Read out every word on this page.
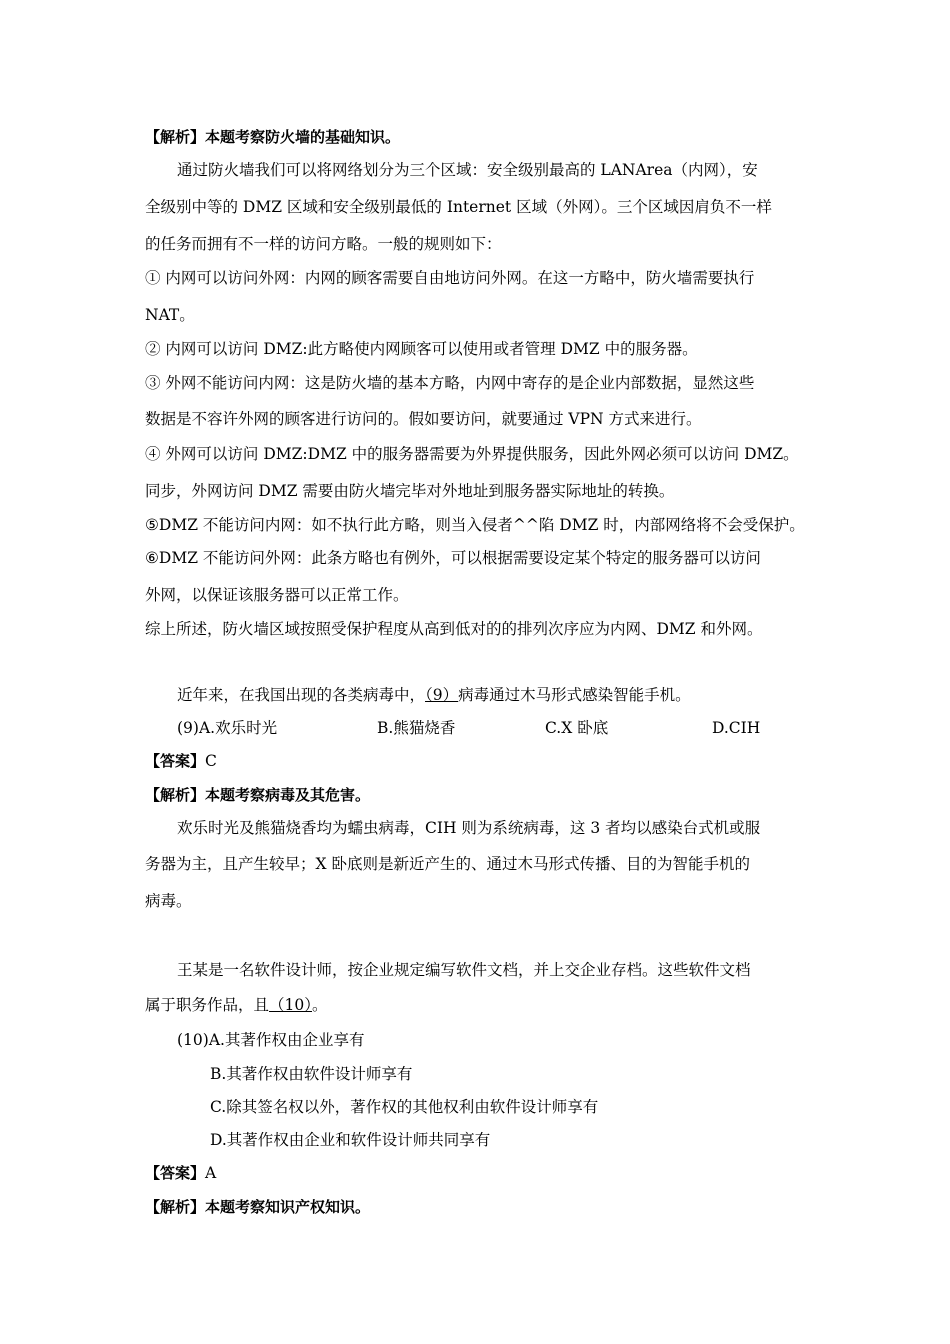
【解析】本题考察防火墙的基础知识。
通过防火墙我们可以将网络划分为三个区域：安全级别最高的 LANArea（内网），安
全级别中等的 DMZ 区域和安全级别最低的 Internet 区域（外网）。三个区域因肩负不一样
的任务而拥有不一样的访问方略。一般的规则如下：
① 内网可以访问外网：内网的顾客需要自由地访问外网。在这一方略中，防火墙需要执行
NAT。
② 内网可以访问 DMZ:此方略使内网顾客可以使用或者管理 DMZ 中的服务器。
③ 外网不能访问内网：这是防火墙的基本方略，内网中寄存的是企业内部数据，显然这些
数据是不容许外网的顾客进行访问的。假如要访问，就要通过 VPN 方式来进行。
④ 外网可以访问 DMZ:DMZ 中的服务器需要为外界提供服务，因此外网必须可以访问 DMZ。
同步，外网访问 DMZ 需要由防火墙完毕对外地址到服务器实际地址的转换。
⑤DMZ 不能访问内网：如不执行此方略，则当入侵者^^陷 DMZ 时，内部网络将不会受保护。
⑥DMZ 不能访问外网：此条方略也有例外，可以根据需要设定某个特定的服务器可以访问
外网，以保证该服务器可以正常工作。
综上所述，防火墙区域按照受保护程度从高到低对的的排列次序应为内网、DMZ 和外网。
近年来，在我国出现的各类病毒中，（9）病毒通过木马形式感染智能手机。
(9)A.欢乐时光	B.熊猫烧香	C.X 卧底	D.CIH
【答案】C
【解析】本题考察病毒及其危害。
欢乐时光及熊猫烧香均为蠕虫病毒，CIH 则为系统病毒，这 3 者均以感染台式机或服
务器为主，且产生较早；X 卧底则是新近产生的、通过木马形式传播、目的为智能手机的
病毒。
王某是一名软件设计师，按企业规定编写软件文档，并上交企业存档。这些软件文档
属于职务作品，且（10）。
(10)A.其著作权由企业享有
B.其著作权由软件设计师享有
C.除其签名权以外，著作权的其他权利由软件设计师享有
D.其著作权由企业和软件设计师共同享有
【答案】A
【解析】本题考察知识产权知识。
